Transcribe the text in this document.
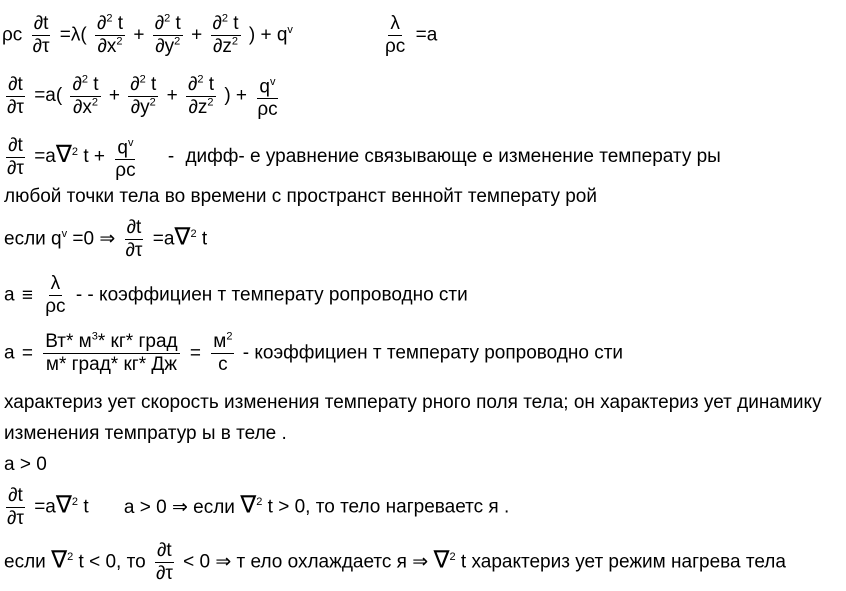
ρc $\frac{\partial t}{\partial\tau} =\lambda( \frac{\partial^2 t}{\partial x^2} + \frac{\partial^2 t}{\partial y^2} + \frac{\partial^2 t}{\partial z^2}$ ) + $q^v$	$\frac{\lambda}{\rho c} =a$
$\frac{\partial t}{\partial\tau} =a( \frac{\partial^2 t}{\partial x^2} + \frac{\partial^2 t}{\partial y^2} + \frac{\partial^2 t}{\partial z^2}$ ) + $\frac{q^v}{\rho c}$
$\frac{\partial t}{\partial\tau} =a\nabla^2$ $t + \frac{q^v}{\rho c}$ - дифф- е уравнение связывающе е изменение температу ры
любой точки тела во времени с пространст веннойт температу рой
если $q^v =0$ ⇒ $\frac{\partial t}{\partial\tau} =a\nabla^2$ t
$a \equiv \frac{\lambda}{\rho c}$ - - коэффициен т температу ропроводно сти
$a = \frac{Вт* м^3* кг* град}{\text{м* град* кг* Дж}} = \frac{м^2}{с}$ - коэффициен т температу ропроводно сти
характериз ует скорость изменения температу рного поля тела; он характериз ует динамику
изменения темпратур ы в теле .
a > 0
$\frac{\partial t}{\partial\tau} =a\nabla^2$ t a > 0 ⇒ если ∇$^2$ t > 0, то тело нагреваетс я .
если ∇$^2$ t < 0, то $\frac{\partial t}{\partial\tau} < 0$ ⇒ т ело охлаждаетс я ⇒ ∇$^2$ t характериз ует режим нагрева тела
